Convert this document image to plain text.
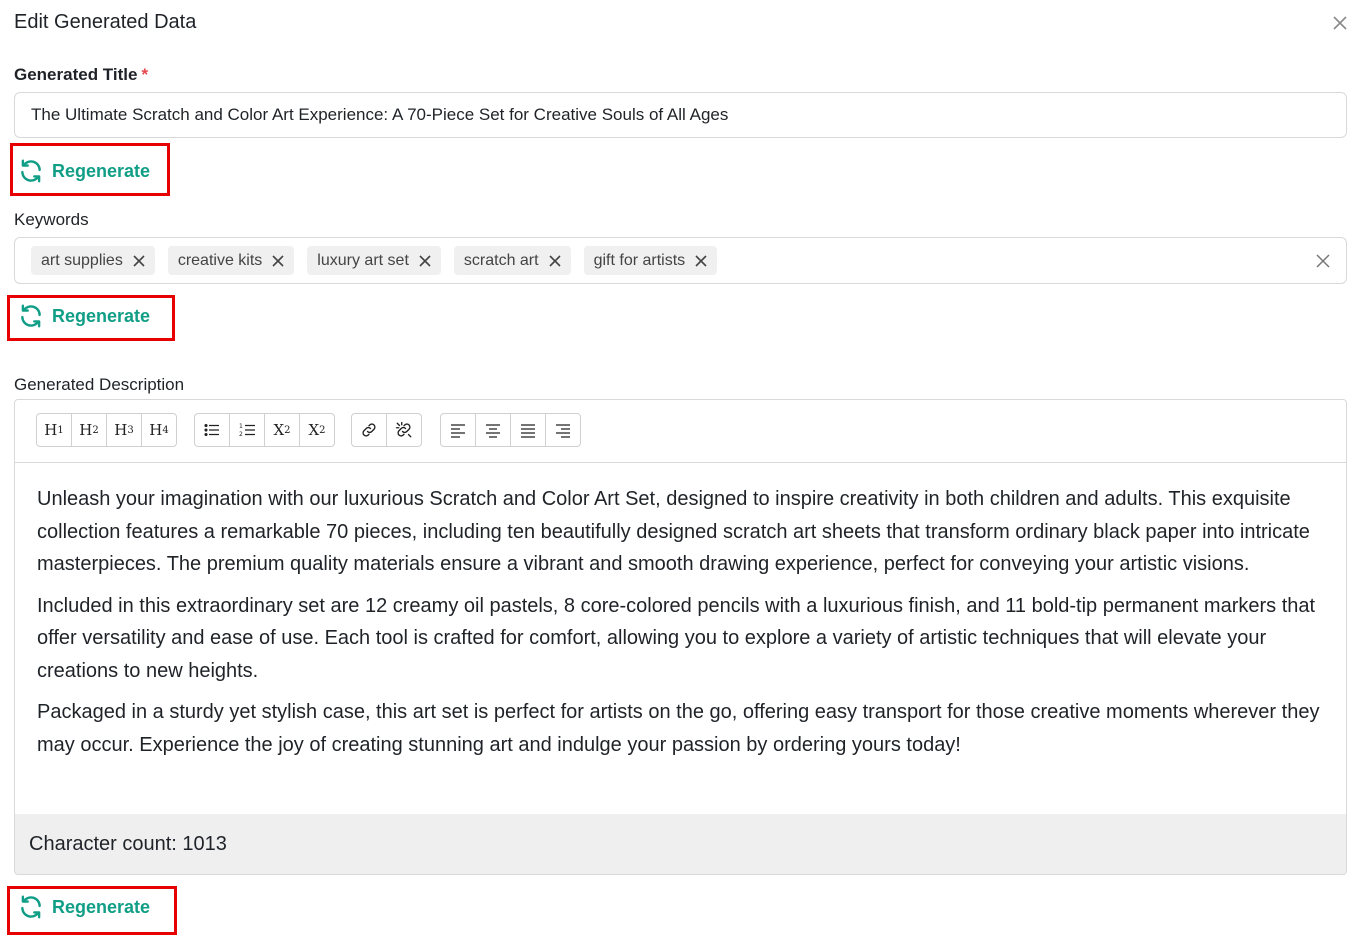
Edit Generated Data
Generated Title *
The Ultimate Scratch and Color Art Experience: A 70-Piece Set for Creative Souls of All Ages
Regenerate
Keywords
art supplies	creative kits	luxury art set	scratch art	gift for artists
Regenerate
Generated Description
H 1	H 2	H 3	H 4	1
2	X 2	X 2

Unleash your imagination with our luxurious Scratch and Color Art Set, designed to inspire creativity in both children and adults. This exquisite collection features a remarkable 70 pieces, including ten beautifully designed scratch art sheets that transform ordinary black paper into intricate masterpieces. The premium quality materials ensure a vibrant and smooth drawing experience, perfect for conveying your artistic visions.

Included in this extraordinary set are 12 creamy oil pastels, 8 core-colored pencils with a luxurious finish, and 11 bold-tip permanent markers that offer versatility and ease of use. Each tool is crafted for comfort, allowing you to explore a variety of artistic techniques that will elevate your creations to new heights.

Packaged in a sturdy yet stylish case, this art set is perfect for artists on the go, offering easy transport for those creative moments wherever they may occur. Experience the joy of creating stunning art and indulge your passion by ordering yours today!

Character count: 1013
Regenerate
